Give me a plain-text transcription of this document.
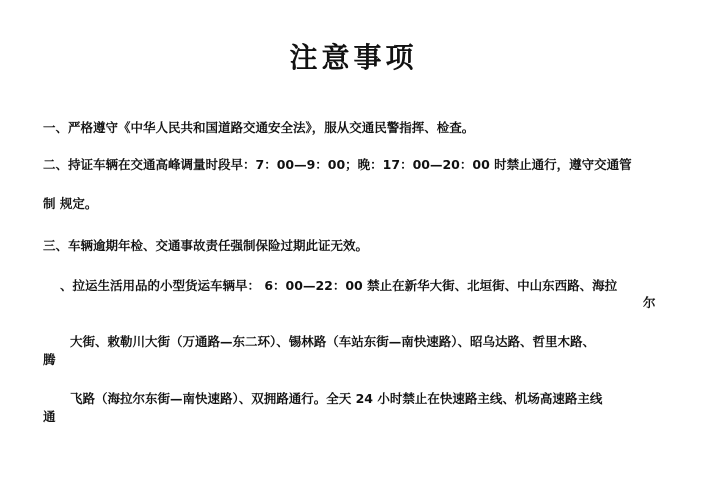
注意事项
一、严格遵守《中华人民共和国道路交通安全法》，服从交通民警指挥、检查。
二、持证车辆在交通高峰调量时段早：7：00—9：00；晚：17：00—20：00 时禁止通行，遵守交通管
制 规定。
三、车辆逾期年检、交通事故责任强制保险过期此证无效。
、拉运生活用品的小型货运车辆早： 6：00—22：00 禁止在新华大街、北垣街、中山东西路、海拉
尔
大街、敕勒川大街（万通路—东二环）、锡林路（车站东街—南快速路）、昭乌达路、哲里木路、
腾
飞路（海拉尔东街—南快速路）、双拥路通行。全天 24 小时禁止在快速路主线、机场高速路主线
通
